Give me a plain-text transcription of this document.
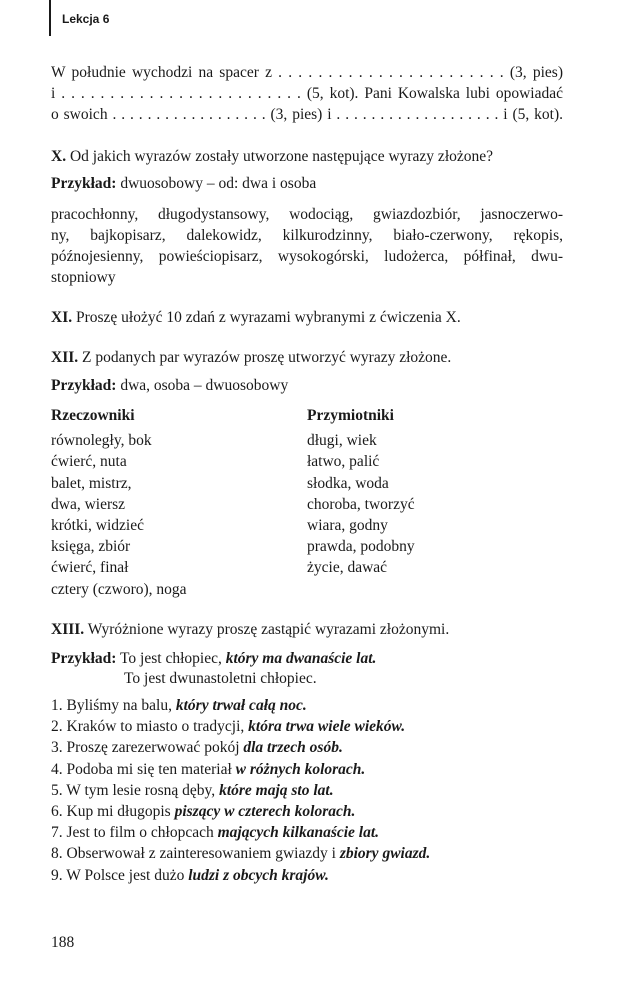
Lekcja 6
W południe wychodzi na spacer z . . . . . . . . . . . . . . . . . . . . . . . (3, pies)
i . . . . . . . . . . . . . . . . . . . . . . . . . (5, kot). Pani Kowalska lubi opowiadać
o swoich . . . . . . . . . . . . . . . . . . (3, pies) i . . . . . . . . . . . . . . . . . . . i (5, kot).
X. Od jakich wyrazów zostały utworzone następujące wyrazy złożone?
Przykład: dwuosobowy – od: dwa i osoba
pracochłonny, długodystansowy, wodociąg, gwiazdozbiór, jasnoczerwo-
ny, bajkopisarz, dalekowidz, kilkurodzinny, biało-czerwony, rękopis,
późnojesienny, powieściopisarz, wysokogórski, ludożerca, półfinał, dwu-
stopniowy
XI. Proszę ułożyć 10 zdań z wyrazami wybranymi z ćwiczenia X.
XII. Z podanych par wyrazów proszę utworzyć wyrazy złożone.
Przykład: dwa, osoba – dwuosobowy
Rzeczowniki
równoległy, bok
ćwierć, nuta
balet, mistrz,
dwa, wiersz
krótki, widzieć
księga, zbiór
ćwierć, finał
cztery (czworo), noga
Przymiotniki
długi, wiek
łatwo, palić
słodka, woda
choroba, tworzyć
wiara, godny
prawda, podobny
życie, dawać
XIII. Wyróżnione wyrazy proszę zastąpić wyrazami złożonymi.
Przykład: To jest chłopiec, który ma dwanaście lat.
To jest dwunastoletni chłopiec.
1. Byliśmy na balu, który trwał całą noc.
2. Kraków to miasto o tradycji, która trwa wiele wieków.
3. Proszę zarezerwować pokój dla trzech osób.
4. Podoba mi się ten materiał w różnych kolorach.
5. W tym lesie rosną dęby, które mają sto lat.
6. Kup mi długopis piszący w czterech kolorach.
7. Jest to film o chłopcach mających kilkanaście lat.
8. Obserwował z zainteresowaniem gwiazdy i zbiory gwiazd.
9. W Polsce jest dużo ludzi z obcych krajów.
188
